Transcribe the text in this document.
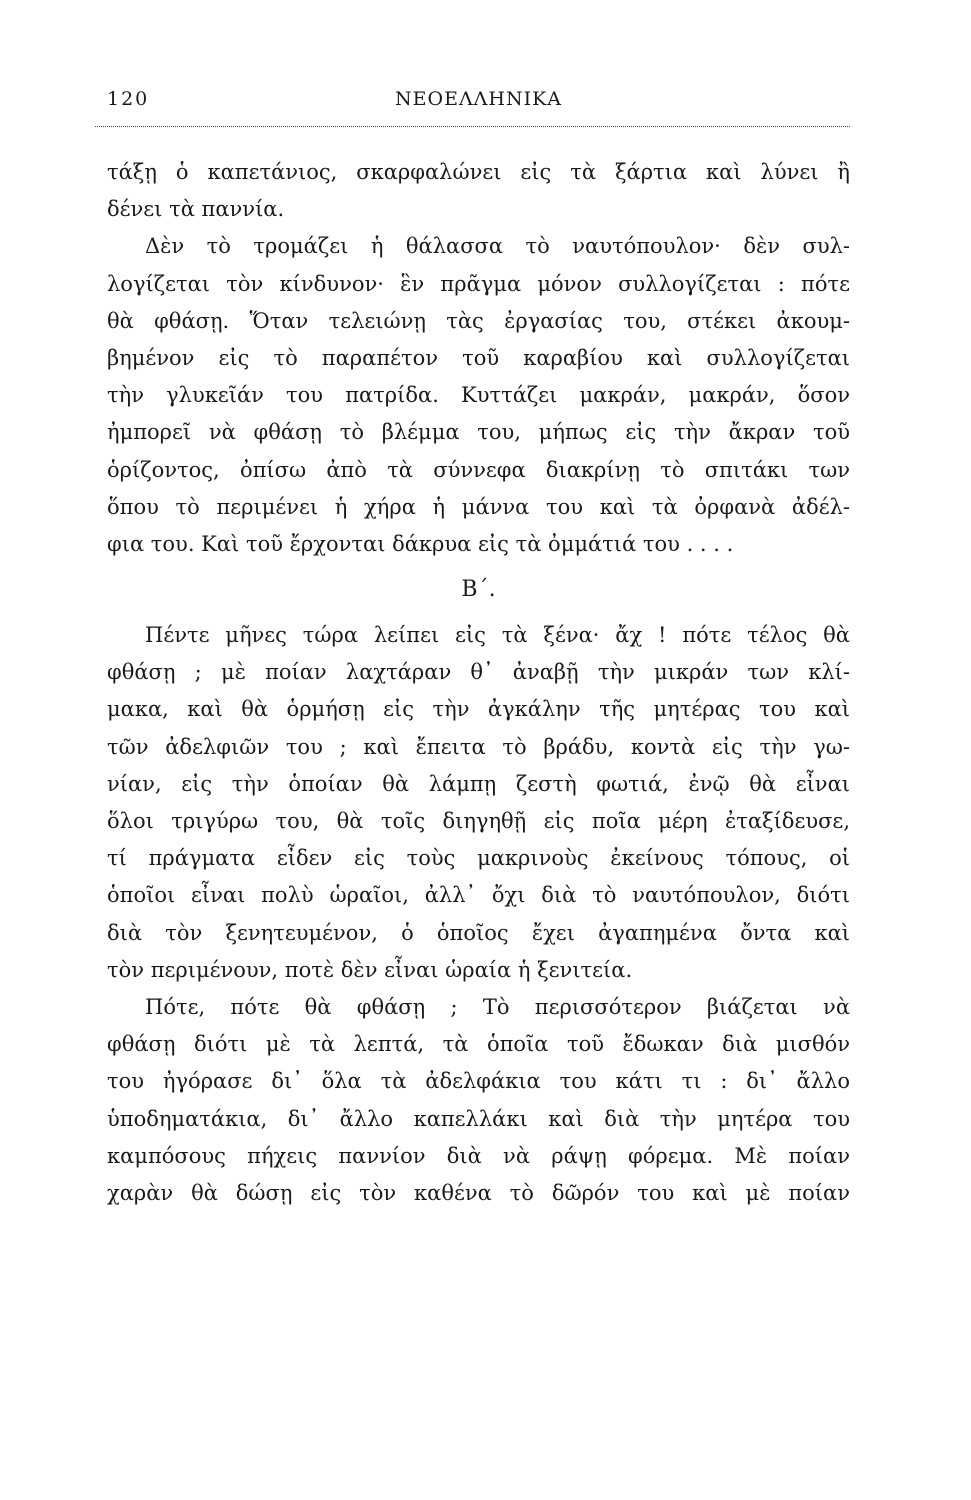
120	ΝΕΟΕΛΛΗΝΙΚΑ
τάξῃ ὁ καπετάνιος, σκαρφαλώνει εἰς τὰ ξάρτια καὶ λύνει ἢ
δένει τὰ παννία.
Δὲν τὸ τρομάζει ἡ θάλασσα τὸ ναυτόπουλον· δὲν συλ-
λογίζεται τὸν κίνδυνον· ἓν πρᾶγμα μόνον συλλογίζεται : πότε
θὰ φθάσῃ. Ὅταν τελειώνῃ τὰς ἐργασίας του, στέκει ἀκουμ-
βημένον εἰς τὸ παραπέτον τοῦ καραβίου καὶ συλλογίζεται
τὴν γλυκεῖάν του πατρίδα. Κυττάζει μακράν, μακράν, ὅσον
ἠμπορεῖ νὰ φθάσῃ τὸ βλέμμα του, μήπως εἰς τὴν ἄκραν τοῦ
ὁρίζοντος, ὀπίσω ἀπὸ τὰ σύννεφα διακρίνῃ τὸ σπιτάκι των
ὅπου τὸ περιμένει ἡ χήρα ἡ μάννα του καὶ τὰ ὀρφανὰ ἀδέλ-
φια του. Καὶ τοῦ ἔρχονται δάκρυα εἰς τὰ ὀμμάτιά του . . . .
Β΄.
Πέντε μῆνες τώρα λείπει εἰς τὰ ξένα· ἄχ ! πότε τέλος θὰ
φθάσῃ ; μὲ ποίαν λαχτάραν θ᾽ ἀναβῇ τὴν μικράν των κλί-
μακα, καὶ θὰ ὁρμήσῃ εἰς τὴν ἀγκάλην τῆς μητέρας του καὶ
τῶν ἀδελφιῶν του ; καὶ ἔπειτα τὸ βράδυ, κοντὰ εἰς τὴν γω-
νίαν, εἰς τὴν ὁποίαν θὰ λάμπῃ ζεστὴ φωτιά, ἐνῷ θὰ εἶναι
ὅλοι τριγύρω του, θὰ τοῖς διηγηθῇ εἰς ποῖα μέρη ἐταξίδευσε,
τί πράγματα εἶδεν εἰς τοὺς μακρινοὺς ἐκείνους τόπους, οἱ
ὁποῖοι εἶναι πολὺ ὡραῖοι, ἀλλ᾽ ὄχι διὰ τὸ ναυτόπουλον, διότι
διὰ τὸν ξενητευμένον, ὁ ὁποῖος ἔχει ἀγαπημένα ὄντα καὶ
τὸν περιμένουν, ποτὲ δὲν εἶναι ὡραία ἡ ξενιτεία.
Πότε, πότε θὰ φθάσῃ ; Τὸ περισσότερον βιάζεται νὰ
φθάσῃ διότι μὲ τὰ λεπτά, τὰ ὁποῖα τοῦ ἔδωκαν διὰ μισθόν
του ἠγόρασε δι᾽ ὅλα τὰ ἀδελφάκια του κάτι τι : δι᾽ ἄλλο
ὑποδηματάκια, δι᾽ ἄλλο καπελλάκι καὶ διὰ τὴν μητέρα του
καμπόσους πήχεις παννίον διὰ νὰ ράψῃ φόρεμα. Μὲ ποίαν
χαρὰν θὰ δώσῃ εἰς τὸν καθένα τὸ δῶρόν του καὶ μὲ ποίαν
